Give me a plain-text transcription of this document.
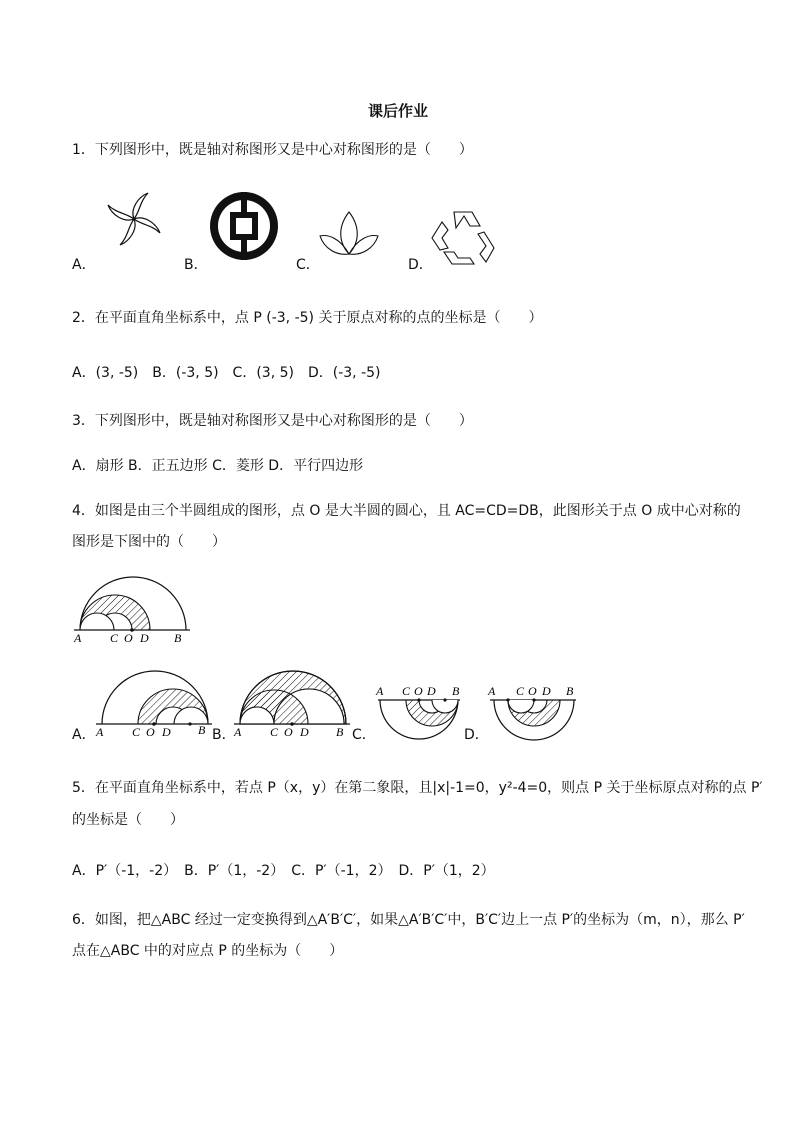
课后作业
1．下列图形中，既是轴对称图形又是中心对称图形的是（　　）
A．	B．	C．	D．
2．在平面直角坐标系中，点 P (-3, -5) 关于原点对称的点的坐标是（　　）
A．(3, -5)　B．(-3, 5)　C．(3, 5)　D．(-3, -5)
3．下列图形中，既是轴对称图形又是中心对称图形的是（　　）
A．扇形 B．正五边形 C．菱形 D．平行四边形
4．如图是由三个半圆组成的图形，点 O 是大半圆的圆心，且 AC=CD=DB，此图形关于点 O 成中心对称的
图形是下图中的（　　）
A C O D B
A． A C O D B B．
A C O D B C．
A C O D B
D．
A C O D B
5．在平面直角坐标系中，若点 P（x，y）在第二象限，且|x|-1=0，y²-4=0，则点 P 关于坐标原点对称的点 P′
的坐标是（　　）
A．P′（-1，-2）　B．P′（1，-2）　C．P′（-1，2）　D．P′（1，2）
6．如图，把△ABC 经过一定变换得到△A′B′C′，如果△A′B′C′中，B′C′边上一点 P′的坐标为（m，n），那么 P′
点在△ABC 中的对应点 P 的坐标为（　　）
